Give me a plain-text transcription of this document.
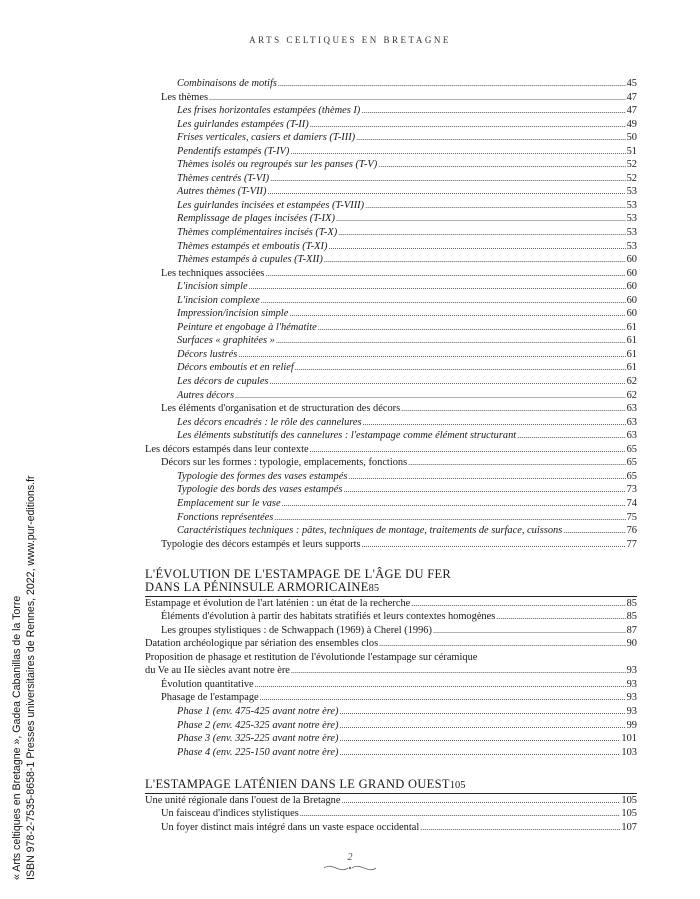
ARTS CELTIQUES EN BRETAGNE
Combinaisons de motifs .....	45
Les thèmes .....	47
Les frises horizontales estampées (thèmes I) .....	47
Les guirlandes estampées (T-II) .....	49
Frises verticales, casiers et damiers (T-III) .....	50
Pendentifs estampés (T-IV) .....	51
Thèmes isolés ou regroupés sur les panses (T-V) .....	52
Thèmes centrés (T-VI) .....	52
Autres thèmes (T-VII) .....	53
Les guirlandes incisées et estampées (T-VIII) .....	53
Remplissage de plages incisées (T-IX) .....	53
Thèmes complémentaires incisés (T-X) .....	53
Thèmes estampés et emboutis (T-XI) .....	53
Thèmes estampés à cupules (T-XII) .....	60
Les techniques associées .....	60
L'incision simple .....	60
L'incision complexe .....	60
Impression/incision simple .....	60
Peinture et engobage à l'hématite .....	61
Surfaces « graphitées » .....	61
Décors lustrés .....	61
Décors emboutis et en relief .....	61
Les décors de cupules .....	62
Autres décors .....	62
Les éléments d'organisation et de structuration des décors .....	63
Les décors encadrés : le rôle des cannelures .....	63
Les éléments substitutifs des cannelures : l'estampage comme élément structurant .....	63
Les décors estampés dans leur contexte .....	65
Décors sur les formes : typologie, emplacements, fonctions .....	65
Typologie des formes des vases estampés .....	65
Typologie des bords des vases estampés .....	73
Emplacement sur le vase .....	74
Fonctions représentées .....	75
Caractéristiques techniques : pâtes, techniques de montage, traitements de surface, cuissons .....	76
Typologie des décors estampés et leurs supports .....	77
L'ÉVOLUTION DE L'ESTAMPAGE DE L'ÂGE DU FER
DANS LA PÉNINSULE ARMORICAINE 85
Estampage et évolution de l'art laténien : un état de la recherche .....	85
Éléments d'évolution à partir des habitats stratifiés et leurs contextes homogènes .....	85
Les groupes stylistiques : de Schwappach (1969) à Cherel (1996) .....	87
Datation archéologique par sériation des ensembles clos .....	90
Proposition de phasage et restitution de l'évolutionde l'estampage sur céramique
du Ve au IIe siècles avant notre ère .....	93
Évolution quantitative .....	93
Phasage de l'estampage .....	93
Phase 1 (env. 475-425 avant notre ère) .....	93
Phase 2 (env. 425-325 avant notre ère) .....	99
Phase 3 (env. 325-225 avant notre ère) .....	101
Phase 4 (env. 225-150 avant notre ère) .....	103
L'ESTAMPAGE LATÉNIEN DANS LE GRAND OUEST 105
Une unité régionale dans l'ouest de la Bretagne .....	105
Un faisceau d'indices stylistiques .....	105
Un foyer distinct mais intégré dans un vaste espace occidental .....	107
2
« Arts celtiques en Bretagne », Gadea Cabanillas de la Torre ISBN 978-2-7535-8658-1 Presses universitaires de Rennes, 2022, www.pur-editions.fr
